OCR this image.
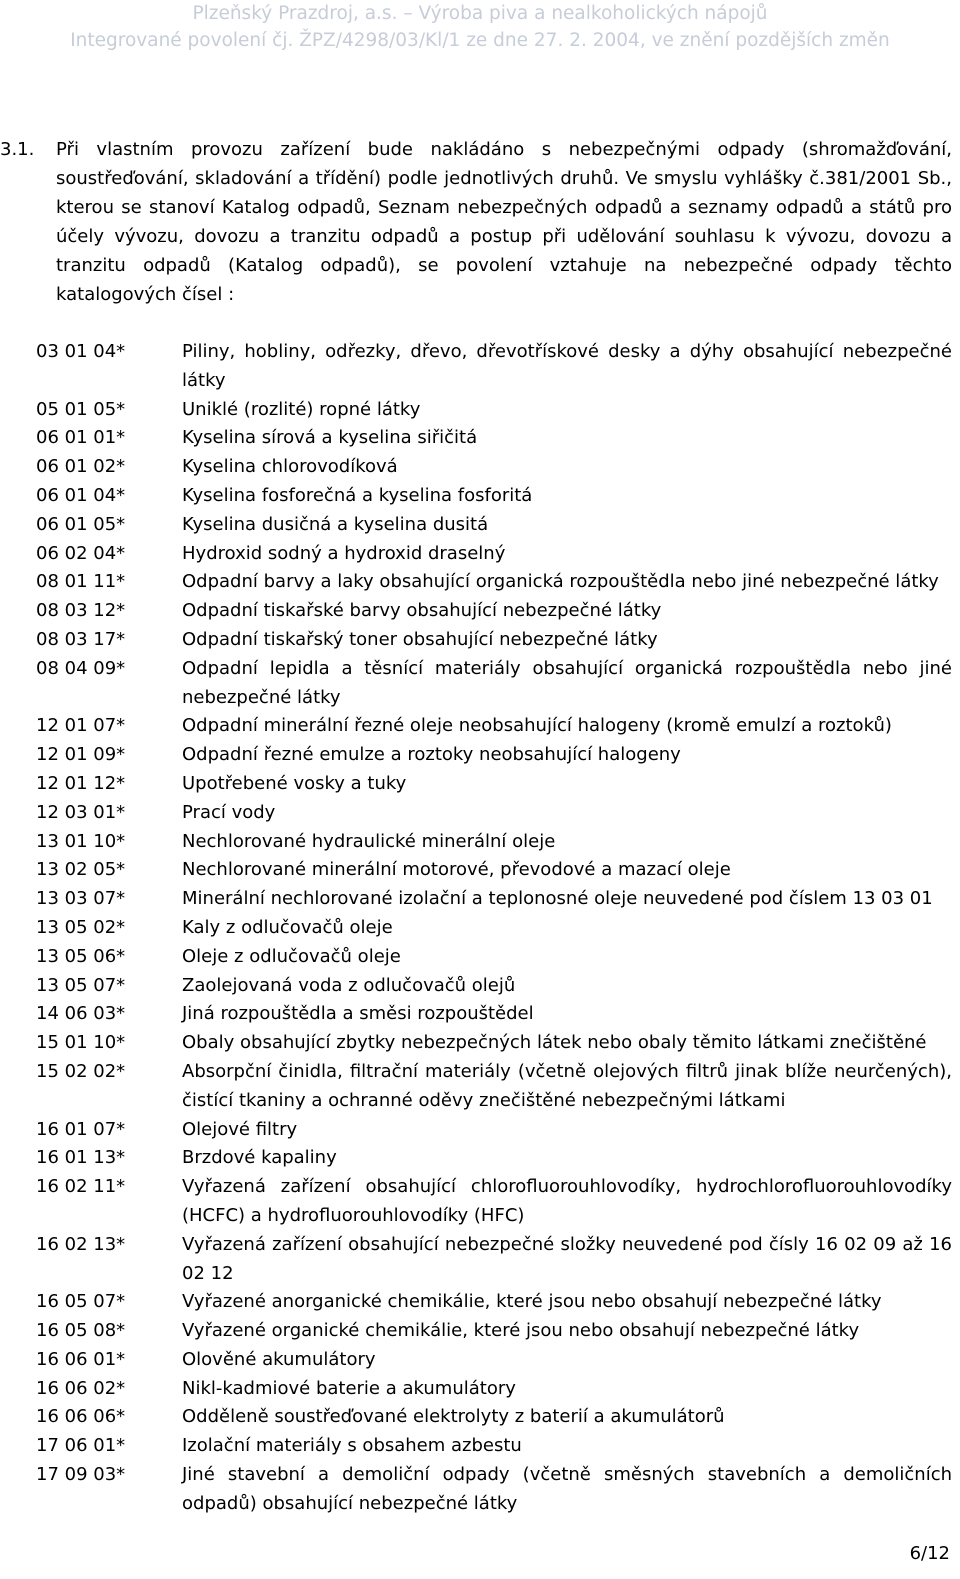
Plzeňský Prazdroj, a.s. – Výroba piva a nealkoholických nápojů
Integrované povolení čj. ŽPZ/4298/03/Kl/1 ze dne 27. 2. 2004, ve znění pozdějších změn
3.1. Při vlastním provozu zařízení bude nakládáno s nebezpečnými odpady (shromažďování, soustřeďování, skladování a třídění) podle jednotlivých druhů. Ve smyslu vyhlášky č.381/2001 Sb., kterou se stanoví Katalog odpadů, Seznam nebezpečných odpadů a seznamy odpadů a států pro účely vývozu, dovozu a tranzitu odpadů a postup při udělování souhlasu k vývozu, dovozu a tranzitu odpadů (Katalog odpadů), se povolení vztahuje na nebezpečné odpady těchto katalogových čísel :

03 01 04*	Piliny, hobliny, odřezky, dřevo, dřevotřískové desky a dýhy obsahující nebezpečné látky
05 01 05*	Uniklé (rozlité) ropné látky
06 01 01*	Kyselina sírová a kyselina siřičitá
06 01 02*	Kyselina chlorovodíková
06 01 04*	Kyselina fosforečná a kyselina fosforitá
06 01 05*	Kyselina dusičná a kyselina dusitá
06 02 04*	Hydroxid sodný a hydroxid draselný
08 01 11*	Odpadní barvy a laky obsahující organická rozpouštědla nebo jiné nebezpečné látky
08 03 12*	Odpadní tiskařské barvy obsahující nebezpečné látky
08 03 17*	Odpadní tiskařský toner obsahující nebezpečné látky
08 04 09*	Odpadní lepidla a těsnící materiály obsahující organická rozpouštědla nebo jiné nebezpečné látky
12 01 07*	Odpadní minerální řezné oleje neobsahující halogeny (kromě emulzí a roztoků)
12 01 09*	Odpadní řezné emulze a roztoky neobsahující halogeny
12 01 12*	Upotřebené vosky a tuky
12 03 01*	Prací vody
13 01 10*	Nechlorované hydraulické minerální oleje
13 02 05*	Nechlorované minerální motorové, převodové a mazací oleje
13 03 07*	Minerální nechlorované izolační a teplonosné oleje neuvedené pod číslem 13 03 01
13 05 02*	Kaly z odlučovačů oleje
13 05 06*	Oleje z odlučovačů oleje
13 05 07*	Zaolejovaná voda z odlučovačů olejů
14 06 03*	Jiná rozpouštědla a směsi rozpouštědel
15 01 10*	Obaly obsahující zbytky nebezpečných látek nebo obaly těmito látkami znečištěné
15 02 02*	Absorpční činidla, filtrační materiály (včetně olejových filtrů jinak blíže neurčených), čistící tkaniny a ochranné oděvy znečištěné nebezpečnými látkami
16 01 07*	Olejové filtry
16 01 13*	Brzdové kapaliny
16 02 11*	Vyřazená zařízení obsahující chlorofluorouhlovodíky, hydrochlorofluorouhlovodíky (HCFC) a hydrofluorouhlovodíky (HFC)
16 02 13*	Vyřazená zařízení obsahující nebezpečné složky neuvedené pod čísly 16 02 09 až 16 02 12
16 05 07*	Vyřazené anorganické chemikálie, které jsou nebo obsahují nebezpečné látky
16 05 08*	Vyřazené organické chemikálie, které jsou nebo obsahují nebezpečné látky
16 06 01*	Olověné akumulátory
16 06 02*	Nikl-kadmiové baterie a akumulátory
16 06 06*	Odděleně soustřeďované elektrolyty z baterií a akumulátorů
17 06 01*	Izolační materiály s obsahem azbestu
17 09 03*	Jiné stavební a demoliční odpady (včetně směsných stavebních a demoličních odpadů) obsahující nebezpečné látky
6/12
